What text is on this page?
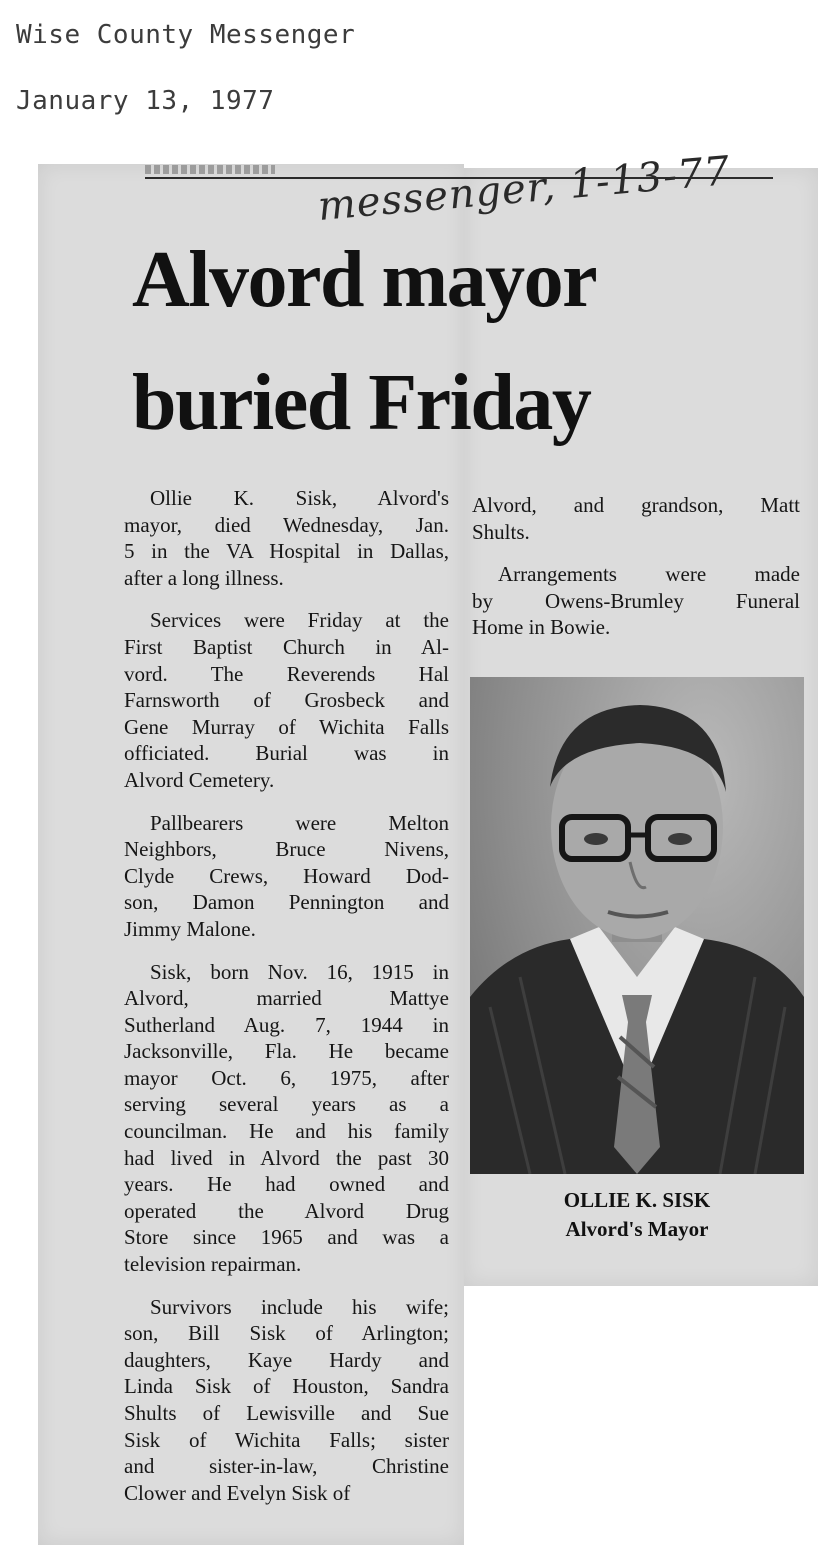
Wise County Messenger
January 13, 1977
messenger, 1-13-77
Alvord mayor
buried Friday

Ollie K. Sisk, Alvord's
mayor, died Wednesday, Jan.
5 in the VA Hospital in Dallas,
after a long illness.

Services were Friday at the
First Baptist Church in Al-
vord. The Reverends Hal
Farnsworth of Grosbeck and
Gene Murray of Wichita Falls
officiated. Burial was in
Alvord Cemetery.

Pallbearers were Melton
Neighbors, Bruce Nivens,
Clyde Crews, Howard Dod-
son, Damon Pennington and
Jimmy Malone.

Sisk, born Nov. 16, 1915 in
Alvord, married Mattye
Sutherland Aug. 7, 1944 in
Jacksonville, Fla. He became
mayor Oct. 6, 1975, after
serving several years as a
councilman. He and his family
had lived in Alvord the past 30
years. He had owned and
operated the Alvord Drug
Store since 1965 and was a
television repairman.

Survivors include his wife;
son, Bill Sisk of Arlington;
daughters, Kaye Hardy and
Linda Sisk of Houston, Sandra
Shults of Lewisville and Sue
Sisk of Wichita Falls; sister
and sister-in-law, Christine
Clower and Evelyn Sisk of

Alvord, and grandson, Matt
Shults.

Arrangements were made
by Owens-Brumley Funeral
Home in Bowie.

OLLIE K. SISK
Alvord's Mayor
